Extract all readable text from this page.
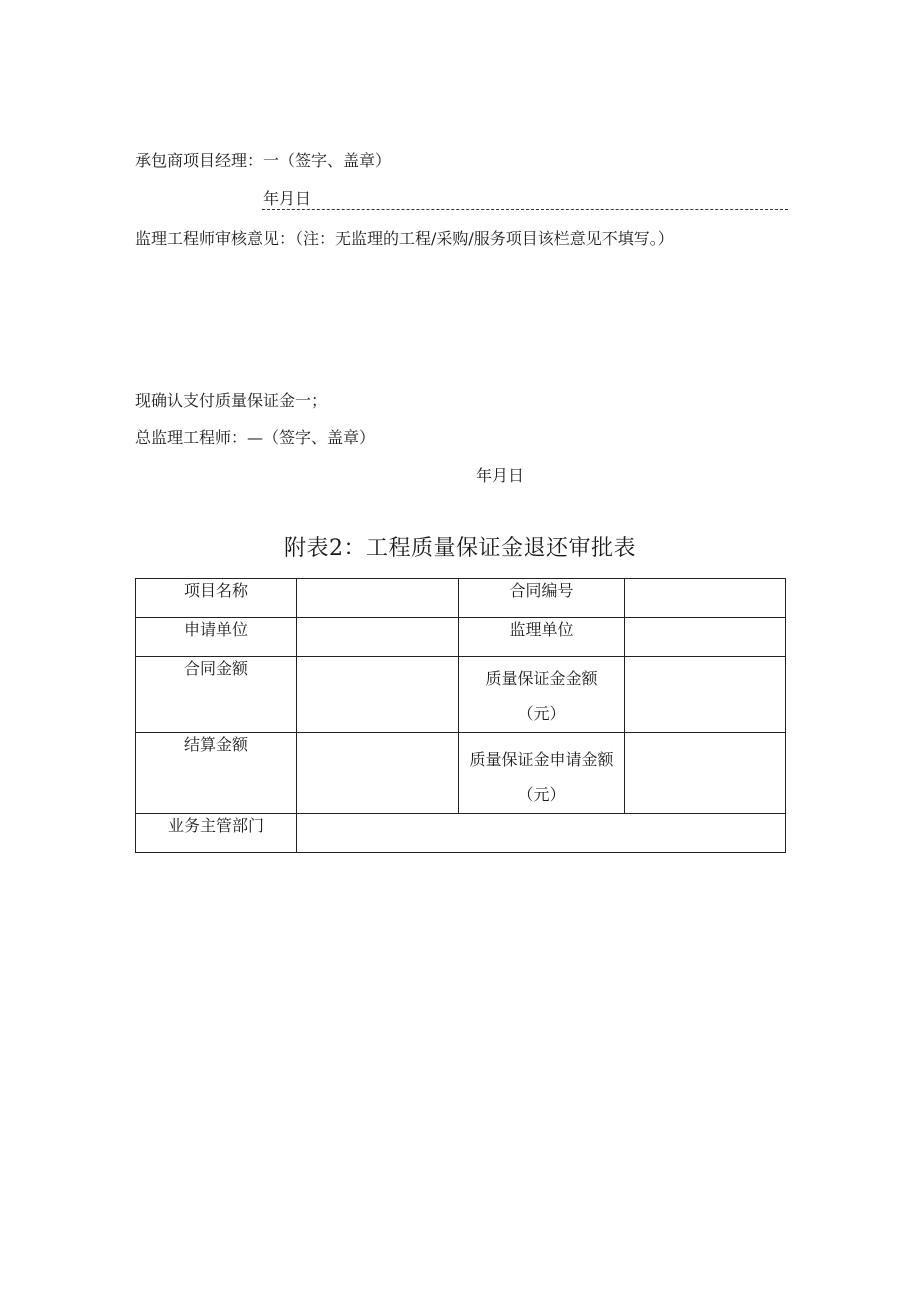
承包商项目经理：一（签字、盖章）
年月日
监理工程师审核意见：（注：无监理的工程/采购/服务项目该栏意见不填写。）
现确认支付质量保证金一；
总监理工程师：—（签字、盖章）
年月日
附表2：工程质量保证金退还审批表
项目名称		合同编号	
申请单位		监理单位	
合同金额		质量保证金金额
（元）	

结算金额		质量保证金申请金额
（元）	

业务主管部门			
